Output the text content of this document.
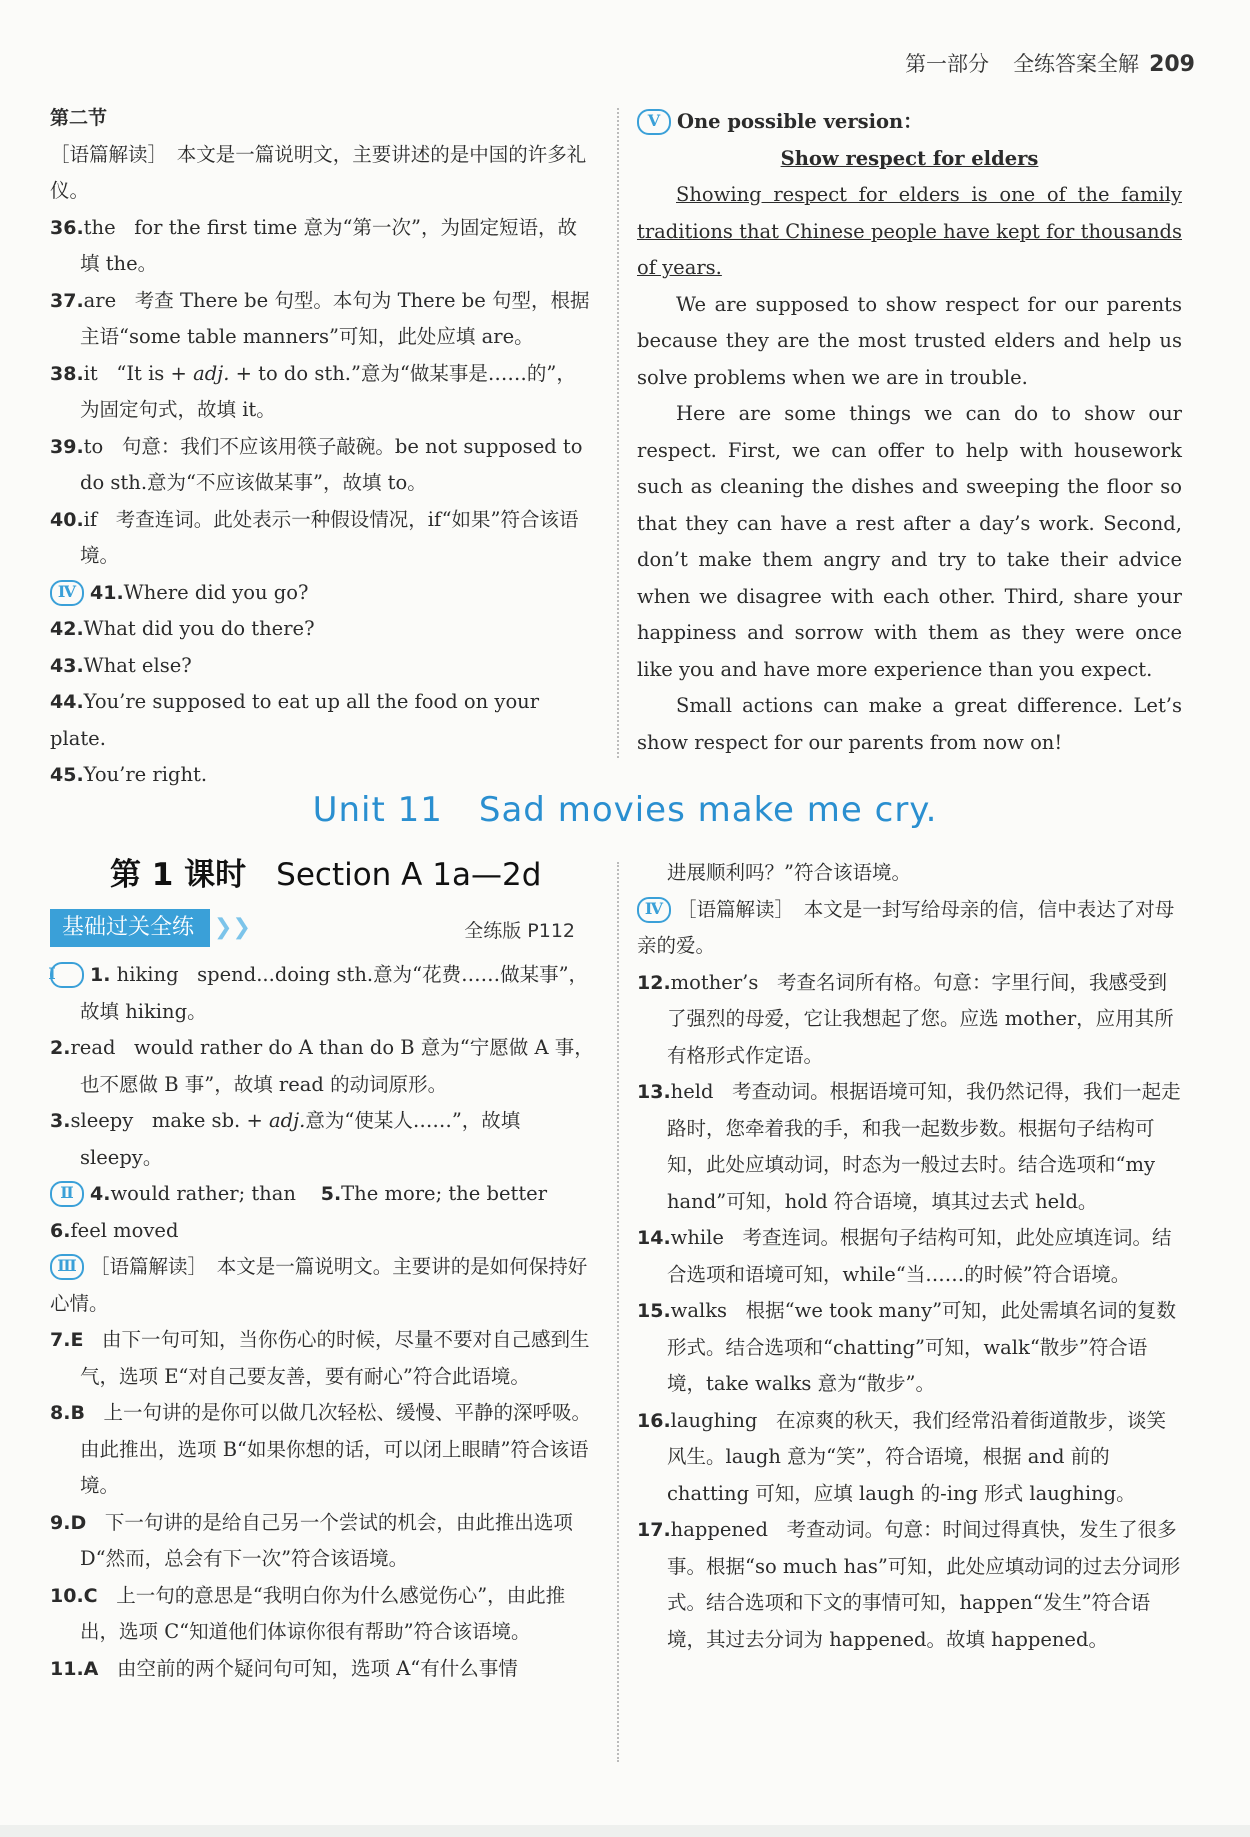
第一部分 全练答案全解 209

第二节

［语篇解读］　本文是一篇说明文，主要讲述的是中国的许多礼仪。

36.the for the first time 意为“第一次”，为固定短语，故填 the。

37.are 考查 There be 句型。本句为 There be 句型，根据主语“some table manners”可知，此处应填 are。

38.it “It is + adj. + to do sth.”意为“做某事是……的”，为固定句式，故填 it。

39.to 句意：我们不应该用筷子敲碗。be not supposed to do sth.意为“不应该做某事”，故填 to。

40.if 考查连词。此处表示一种假设情况，if“如果”符合该语境。

Ⅳ 41.Where did you go?

42.What did you do there?

43.What else?

44.You’re supposed to eat up all the food on your plate.

45.You’re right.

Ⅴ One possible version：

Show respect for elders

Showing respect for elders is one of the family traditions that Chinese people have kept for thousands of years.

We are supposed to show respect for our parents because they are the most trusted elders and help us solve problems when we are in trouble.

Here are some things we can do to show our respect. First, we can offer to help with housework such as cleaning the dishes and sweeping the floor so that they can have a rest after a day’s work. Second, don’t make them angry and try to take their advice when we disagree with each other. Third, share your happiness and sorrow with them as they were once like you and have more experience than you expect.

Small actions can make a great difference. Let’s show respect for our parents from now on!

Unit 11 Sad movies make me cry.
第 1 课时 Section A 1a—2d
基础过关全练 ❯❯	全练版 P112

Ⅰ 1. hiking spend...doing sth.意为“花费……做某事”，故填 hiking。

2.read would rather do A than do B 意为“宁愿做 A 事，也不愿做 B 事”，故填 read 的动词原形。

3.sleepy make sb. + adj.意为“使某人……”，故填 sleepy。

Ⅱ 4.would rather; than 5.The more; the better

6.feel moved

Ⅲ ［语篇解读］　本文是一篇说明文。主要讲的是如何保持好心情。

7.E 由下一句可知，当你伤心的时候，尽量不要对自己感到生气，选项 E“对自己要友善，要有耐心”符合此语境。

8.B 上一句讲的是你可以做几次轻松、缓慢、平静的深呼吸。由此推出，选项 B“如果你想的话，可以闭上眼睛”符合该语境。

9.D 下一句讲的是给自己另一个尝试的机会，由此推出选项 D“然而，总会有下一次”符合该语境。

10.C 上一句的意思是“我明白你为什么感觉伤心”，由此推出，选项 C“知道他们体谅你很有帮助”符合该语境。

11.A 由空前的两个疑问句可知，选项 A“有什么事情

进展顺利吗？”符合该语境。

Ⅳ ［语篇解读］　本文是一封写给母亲的信，信中表达了对母亲的爱。

12.mother’s 考查名词所有格。句意：字里行间，我感受到了强烈的母爱，它让我想起了您。应选 mother，应用其所有格形式作定语。

13.held 考查动词。根据语境可知，我仍然记得，我们一起走路时，您牵着我的手，和我一起数步数。根据句子结构可知，此处应填动词，时态为一般过去时。结合选项和“my hand”可知，hold 符合语境，填其过去式 held。

14.while 考查连词。根据句子结构可知，此处应填连词。结合选项和语境可知，while“当……的时候”符合语境。

15.walks 根据“we took many”可知，此处需填名词的复数形式。结合选项和“chatting”可知，walk“散步”符合语境，take walks 意为“散步”。

16.laughing 在凉爽的秋天，我们经常沿着街道散步，谈笑风生。laugh 意为“笑”，符合语境，根据 and 前的 chatting 可知，应填 laugh 的-ing 形式 laughing。

17.happened 考查动词。句意：时间过得真快，发生了很多事。根据“so much has”可知，此处应填动词的过去分词形式。结合选项和下文的事情可知，happen“发生”符合语境，其过去分词为 happened。故填 happened。
